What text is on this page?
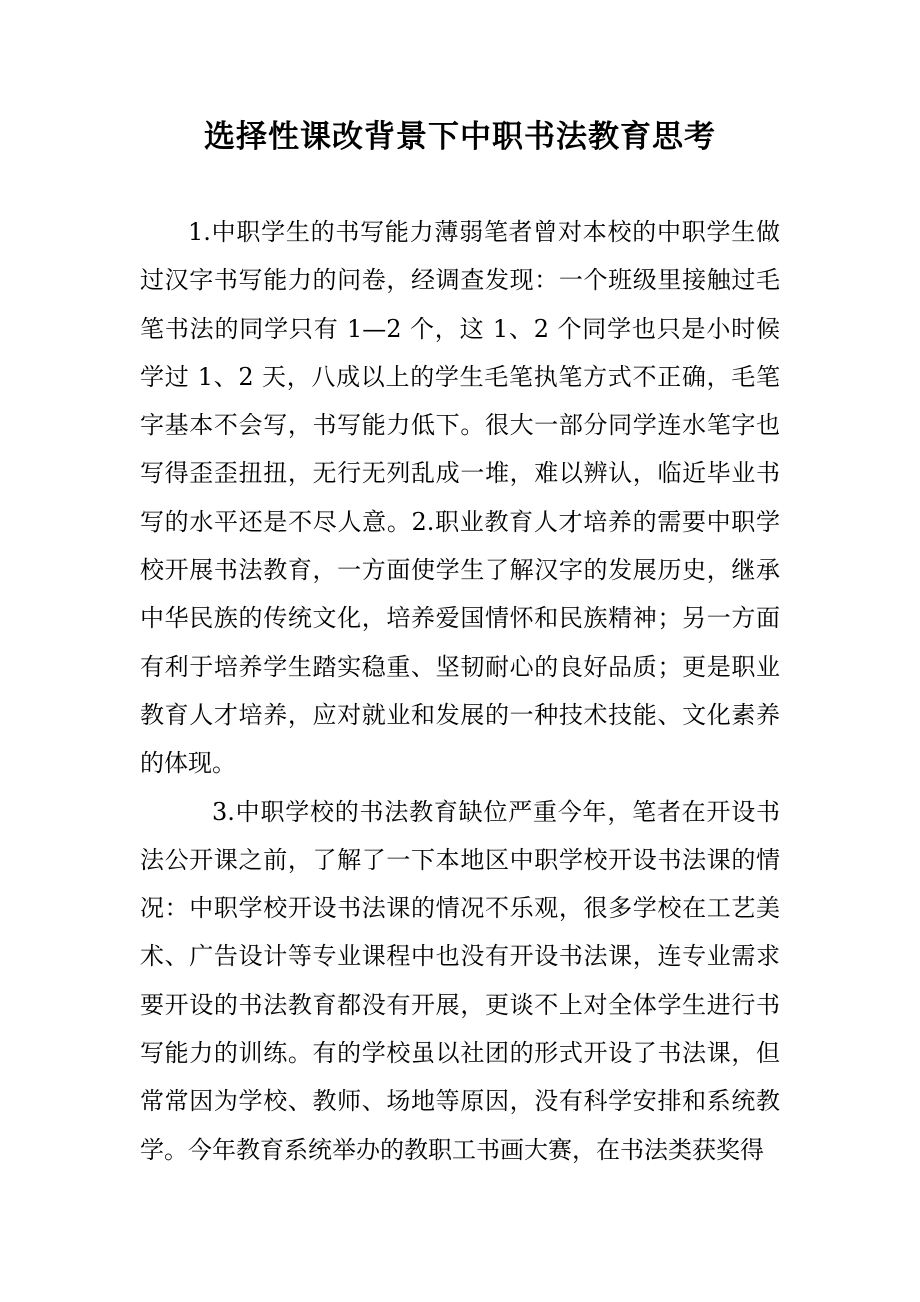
选择性课改背景下中职书法教育思考

1.中职学生的书写能力薄弱笔者曾对本校的中职学生做过汉字书写能力的问卷，经调查发现：一个班级里接触过毛笔书法的同学只有 1—2 个，这 1、2 个同学也只是小时候学过 1、2 天，八成以上的学生毛笔执笔方式不正确，毛笔字基本不会写，书写能力低下。很大一部分同学连水笔字也写得歪歪扭扭，无行无列乱成一堆，难以辨认，临近毕业书写的水平还是不尽人意。2.职业教育人才培养的需要中职学校开展书法教育，一方面使学生了解汉字的发展历史，继承中华民族的传统文化，培养爱国情怀和民族精神；另一方面有利于培养学生踏实稳重、坚韧耐心的良好品质；更是职业教育人才培养，应对就业和发展的一种技术技能、文化素养的体现。

3.中职学校的书法教育缺位严重今年，笔者在开设书法公开课之前，了解了一下本地区中职学校开设书法课的情况：中职学校开设书法课的情况不乐观，很多学校在工艺美术、广告设计等专业课程中也没有开设书法课，连专业需求要开设的书法教育都没有开展，更谈不上对全体学生进行书写能力的训练。有的学校虽以社团的形式开设了书法课，但常常因为学校、教师、场地等原因，没有科学安排和系统教学。今年教育系统举办的教职工书画大赛，在书法类获奖得
